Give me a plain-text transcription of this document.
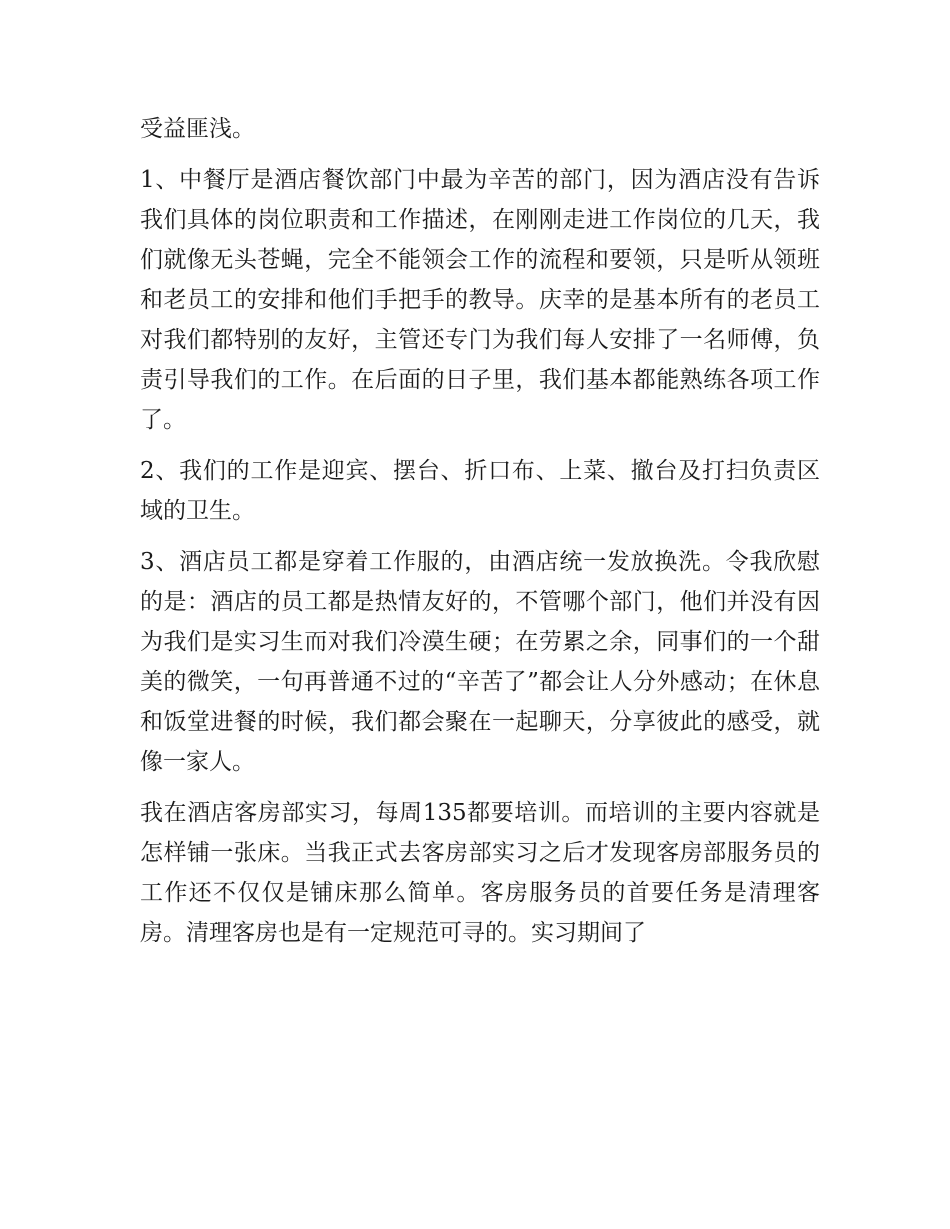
受益匪浅。

1、中餐厅是酒店餐饮部门中最为辛苦的部门，因为酒店没有告诉我们具体的岗位职责和工作描述，在刚刚走进工作岗位的几天，我们就像无头苍蝇，完全不能领会工作的流程和要领，只是听从领班和老员工的安排和他们手把手的教导。庆幸的是基本所有的老员工对我们都特别的友好，主管还专门为我们每人安排了一名师傅，负责引导我们的工作。在后面的日子里，我们基本都能熟练各项工作了。

2、我们的工作是迎宾、摆台、折口布、上菜、撤台及打扫负责区域的卫生。

3、酒店员工都是穿着工作服的，由酒店统一发放换洗。令我欣慰的是：酒店的员工都是热情友好的，不管哪个部门，他们并没有因为我们是实习生而对我们冷漠生硬；在劳累之余，同事们的一个甜美的微笑，一句再普通不过的“辛苦了”都会让人分外感动；在休息和饭堂进餐的时候，我们都会聚在一起聊天，分享彼此的感受，就像一家人。

我在酒店客房部实习，每周135都要培训。而培训的主要内容就是怎样铺一张床。当我正式去客房部实习之后才发现客房部服务员的工作还不仅仅是铺床那么简单。客房服务员的首要任务是清理客房。清理客房也是有一定规范可寻的。实习期间了
